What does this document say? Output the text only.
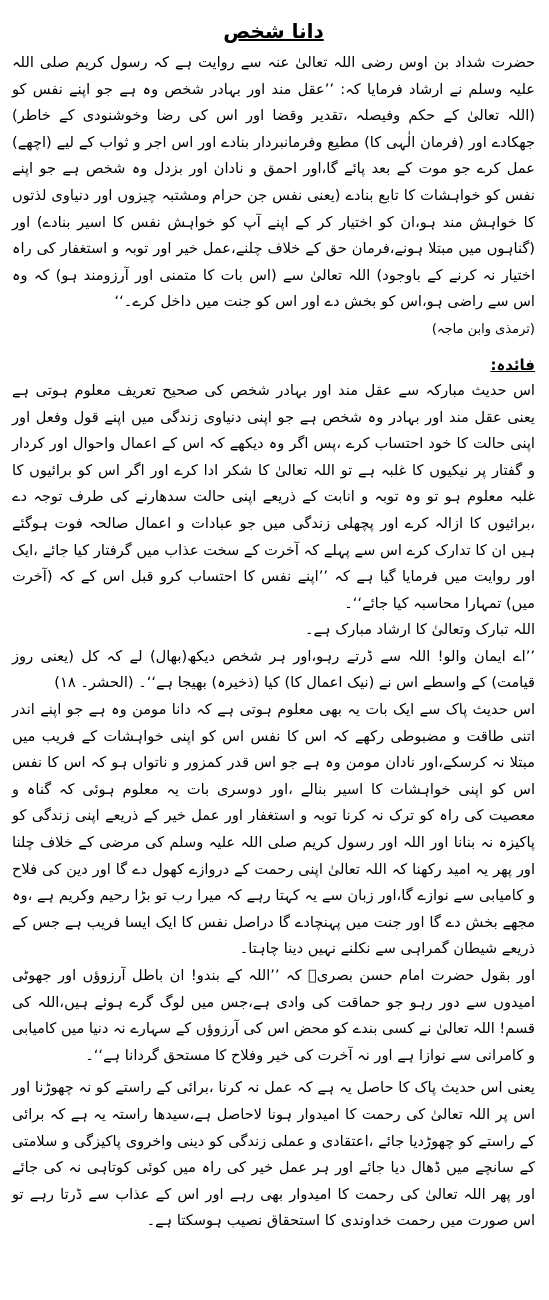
دانا شخص

حضرت شداد بن اوس رضی اللہ تعالیٰ عنہ سے روایت ہے کہ رسول کریم صلی اللہ علیہ وسلم نے ارشاد فرمایا کہ: ’’عقل مند اور بہادر شخص وہ ہے جو اپنے نفس کو (اللہ تعالیٰ کے حکم وفیصلہ ،تقدیر وقضا اور اس کی رضا وخوشنودی کے خاطر) جھکادے اور (فرمان الٰہی کا) مطیع وفرمانبردار بنادے اور اس اجر و ثواب کے لیے (اچھے) عمل کرے جو موت کے بعد پائے گا،اور احمق و نادان اور بزدل وہ شخص ہے جو اپنے نفس کو خواہشات کا تابع بنادے (یعنی نفس جن حرام ومشتبہ چیزوں اور دنیاوی لذتوں کا خواہش مند ہو،ان کو اختیار کر کے اپنے آپ کو خواہش نفس کا اسیر بنادے) اور (گناہوں میں مبتلا ہونے،فرمان حق کے خلاف چلنے،عمل خیر اور توبہ و استغفار کی راہ اختیار نہ کرنے کے باوجود) اللہ تعالیٰ سے (اس بات کا متمنی اور آرزومند ہو) کہ وہ اس سے راضی ہو،اس کو بخش دے اور اس کو جنت میں داخل کرے۔‘‘

(ترمذی وابن ماجہ)
فائدہ:

اس حدیث مبارکہ سے عقل مند اور بہادر شخص کی صحیح تعریف معلوم ہوتی ہے یعنی عقل مند اور بہادر وہ شخص ہے جو اپنی دنیاوی زندگی میں اپنے قول وفعل اور اپنی حالت کا خود احتساب کرے ،پس اگر وہ دیکھے کہ اس کے اعمال واحوال اور کردار و گفتار پر نیکیوں کا غلبہ ہے تو اللہ تعالیٰ کا شکر ادا کرے اور اگر اس کو برائیوں کا غلبہ معلوم ہو تو وہ توبہ و انابت کے ذریعے اپنی حالت سدھارنے کی طرف توجہ دے ،برائیوں کا ازالہ کرے اور پچھلی زندگی میں جو عبادات و اعمال صالحہ فوت ہوگئے ہیں ان کا تدارک کرے اس سے پہلے کہ آخرت کے سخت عذاب میں گرفتار کیا جائے ،ایک اور روایت میں فرمایا گیا ہے کہ ’’اپنے نفس کا احتساب کرو قبل اس کے کہ (آخرت میں) تمہارا محاسبہ کیا جائے‘‘۔

اللہ تبارک وتعالیٰ کا ارشاد مبارک ہے۔

’’اے ایمان والو! اللہ سے ڈرتے رہو،اور ہر شخص دیکھ(بھال) لے کہ کل (یعنی روز قیامت) کے واسطے اس نے (نیک اعمال کا) کیا (ذخیرہ) بھیجا ہے‘‘۔ (الحشر۔ ۱۸)

اس حدیث پاک سے ایک بات یہ بھی معلوم ہوتی ہے کہ دانا مومن وہ ہے جو اپنے اندر اتنی طاقت و مضبوطی رکھے کہ اس کا نفس اس کو اپنی خواہشات کے فریب میں مبتلا نہ کرسکے،اور نادان مومن وہ ہے جو اس قدر کمزور و ناتواں ہو کہ اس کا نفس اس کو اپنی خواہشات کا اسیر بنالے ،اور دوسری بات یہ معلوم ہوئی کہ گناہ و معصیت کی راہ کو ترک نہ کرنا توبہ و استغفار اور عمل خیر کے ذریعے اپنی زندگی کو پاکیزہ نہ بنانا اور اللہ اور رسول کریم صلی اللہ علیہ وسلم کی مرضی کے خلاف چلنا اور پھر یہ امید رکھنا کہ اللہ تعالیٰ اپنی رحمت کے دروازے کھول دے گا اور دین کی فلاح و کامیابی سے نوازے گا،اور زبان سے یہ کہتا رہے کہ میرا رب تو بڑا رحیم وکریم ہے ،وہ مجھے بخش دے گا اور جنت میں پہنچادے گا دراصل نفس کا ایک ایسا فریب ہے جس کے ذریعے شیطان گمراہی سے نکلنے نہیں دینا چاہتا۔

اور بقول حضرت امام حسن بصریؒ کہ ’’اللہ کے بندو! ان باطل آرزوؤں اور جھوٹی امیدوں سے دور رہو جو حماقت کی وادی ہے،جس میں لوگ گرے ہوئے ہیں،اللہ کی قسم! اللہ تعالیٰ نے کسی بندے کو محض اس کی آرزوؤں کے سہارے نہ دنیا میں کامیابی و کامرانی سے نوازا ہے اور نہ آخرت کی خیر وفلاح کا مستحق گردانا ہے‘‘۔

یعنی اس حدیث پاک کا حاصل یہ ہے کہ عمل نہ کرنا ،برائی کے راستے کو نہ چھوڑنا اور اس پر اللہ تعالیٰ کی رحمت کا امیدوار ہونا لاحاصل ہے،سیدھا راستہ یہ ہے کہ برائی کے راستے کو چھوڑدیا جائے ،اعتقادی و عملی زندگی کو دینی واخروی پاکیزگی و سلامتی کے سانچے میں ڈھال دیا جائے اور ہر عمل خیر کی راہ میں کوئی کوتاہی نہ کی جائے اور پھر اللہ تعالیٰ کی رحمت کا امیدوار بھی رہے اور اس کے عذاب سے ڈرتا رہے تو اس صورت میں رحمت خداوندی کا استحقاق نصیب ہوسکتا ہے۔
